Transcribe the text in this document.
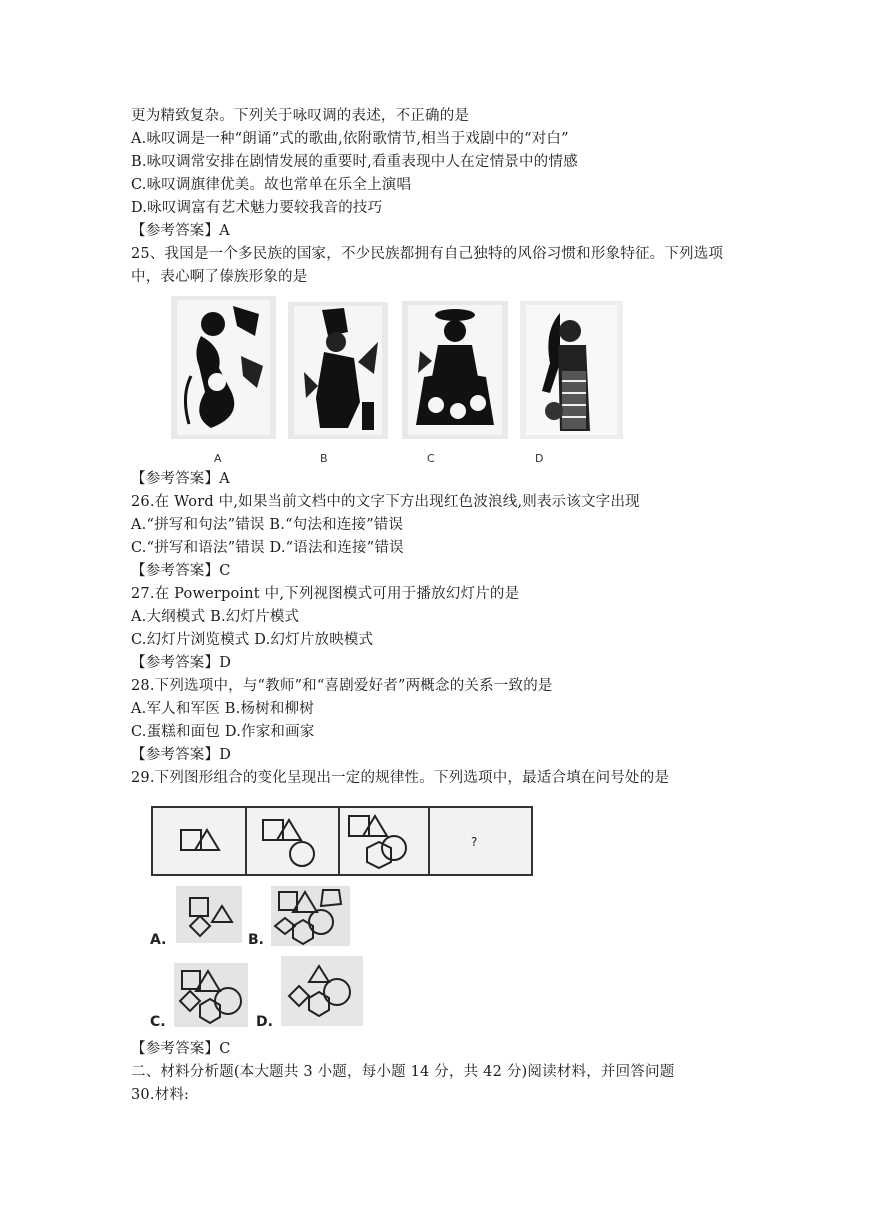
更为精致复杂。下列关于咏叹调的表述，不正确的是
A.咏叹调是一种“朗诵”式的歌曲,依附歌情节,相当于戏剧中的“对白”
B.咏叹调常安排在剧情发展的重要时,看重表现中人在定情景中的情感
C.咏叹调旗律优美。故也常单在乐全上演唱
D.咏叹调富有艺术魅力要较我音的技巧
【参考答案】A
25、我国是一个多民族的国家，不少民族都拥有自己独特的风俗习惯和形象特征。下列选项
中，表心啊了傣族形象的是
A	B	C	D
【参考答案】A
26.在 Word 中,如果当前文档中的文字下方出现红色波浪线,则表示该文字出现
A.“拼写和句法”错误 B.“句法和连接”错误
C.“拼写和语法”错误 D.“语法和连接”错误
【参考答案】C
27.在 Powerpoint 中,下列视图模式可用于播放幻灯片的是
A.大纲模式 B.幻灯片模式
C.幻灯片浏览模式 D.幻灯片放映模式
【参考答案】D
28.下列选项中，与“教师”和“喜剧爱好者”两概念的关系一致的是
A.军人和军医 B.杨树和柳树
C.蛋糕和面包 D.作家和画家
【参考答案】D
29.下列图形组合的变化呈现出一定的规律性。下列选项中，最适合填在问号处的是
?
A.	B.
C.	D.
【参考答案】C
二、材料分析题(本大题共 3 小题，每小题 14 分，共 42 分)阅读材料，并回答问题
30.材料:
